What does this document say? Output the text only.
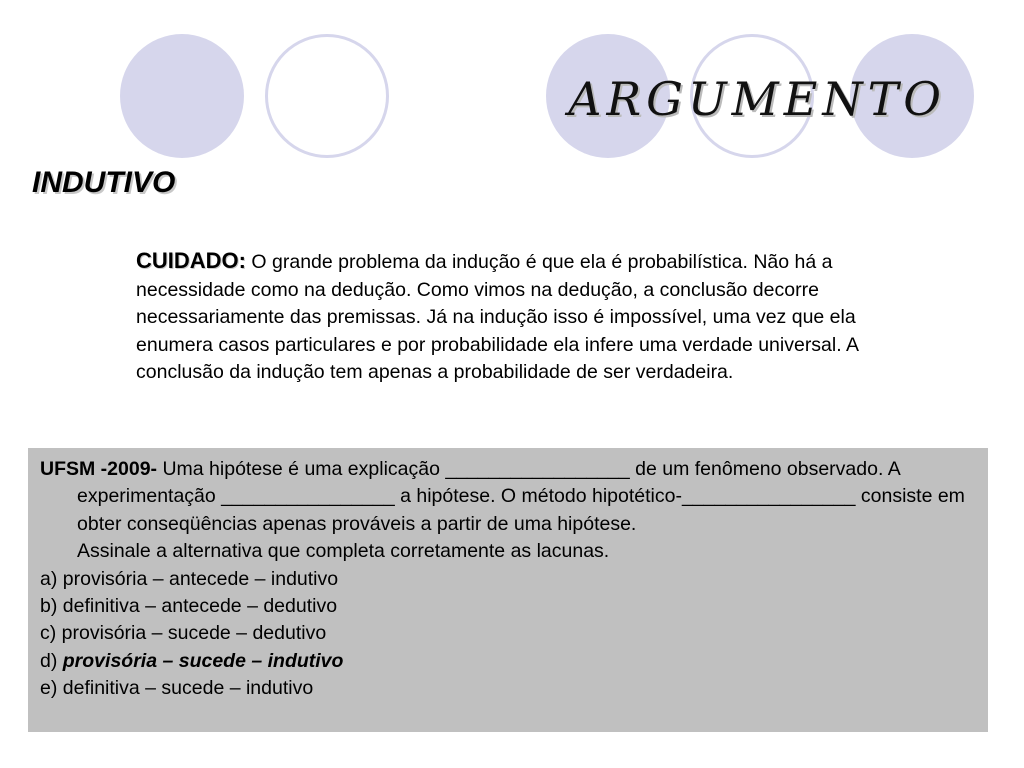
ARGUMENTO
INDUTIVO
CUIDADO: O grande problema da indução é que ela é probabilística. Não há a necessidade como na dedução. Como vimos na dedução, a conclusão decorre necessariamente das premissas. Já na indução isso é impossível, uma vez que ela enumera casos particulares e por probabilidade ela infere uma verdade universal. A conclusão da indução tem apenas a probabilidade de ser verdadeira.
UFSM -2009- Uma hipótese é uma explicação _________________ de um fenômeno observado. A experimentação ________________ a hipótese. O método hipotético-________________ consiste em obter conseqüências apenas prováveis a partir de uma hipótese.
Assinale a alternativa que completa corretamente as lacunas.
a) provisória – antecede – indutivo
b) definitiva – antecede – dedutivo
c) provisória – sucede – dedutivo
d) provisória – sucede – indutivo
e) definitiva – sucede – indutivo
